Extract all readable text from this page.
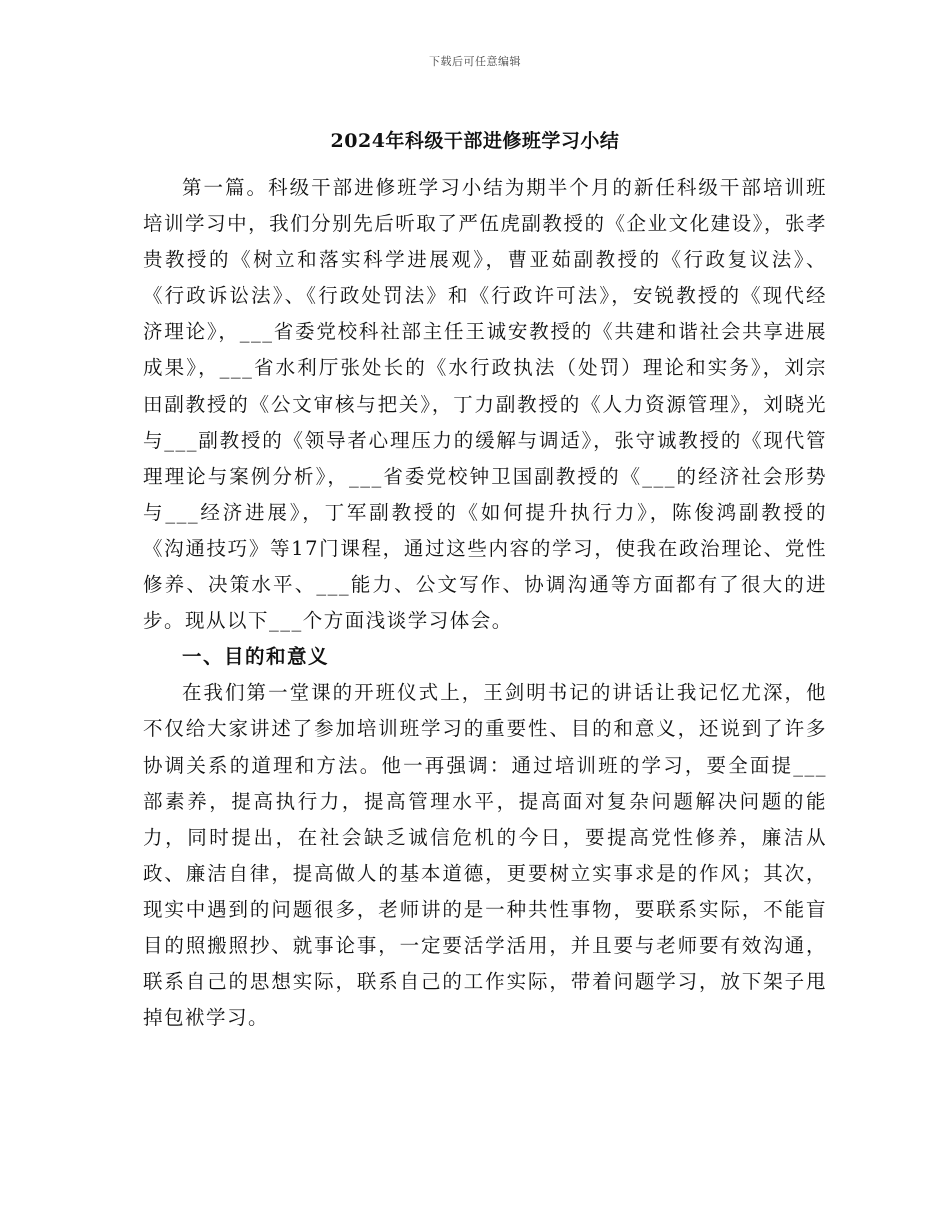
下载后可任意编辑
2024年科级干部进修班学习小结

第一篇。科级干部进修班学习小结为期半个月的新任科级干部培训班培训学习中，我们分别先后听取了严伍虎副教授的《企业文化建设》，张孝贵教授的《树立和落实科学进展观》，曹亚茹副教授的《行政复议法》、《行政诉讼法》、《行政处罚法》和《行政许可法》，安锐教授的《现代经济理论》，___省委党校科社部主任王诚安教授的《共建和谐社会共享进展成果》，___省水利厅张处长的《水行政执法（处罚）理论和实务》，刘宗田副教授的《公文审核与把关》，丁力副教授的《人力资源管理》，刘晓光与___副教授的《领导者心理压力的缓解与调适》，张守诚教授的《现代管理理论与案例分析》，___省委党校钟卫国副教授的《___的经济社会形势与___经济进展》，丁军副教授的《如何提升执行力》，陈俊鸿副教授的《沟通技巧》等17门课程，通过这些内容的学习，使我在政治理论、党性修养、决策水平、___能力、公文写作、协调沟通等方面都有了很大的进步。现从以下___个方面浅谈学习体会。

一、目的和意义

在我们第一堂课的开班仪式上，王剑明书记的讲话让我记忆尤深，他不仅给大家讲述了参加培训班学习的重要性、目的和意义，还说到了许多协调关系的道理和方法。他一再强调：通过培训班的学习，要全面提___部素养，提高执行力，提高管理水平，提高面对复杂问题解决问题的能力，同时提出，在社会缺乏诚信危机的今日，要提高党性修养，廉洁从政、廉洁自律，提高做人的基本道德，更要树立实事求是的作风；其次，现实中遇到的问题很多，老师讲的是一种共性事物，要联系实际，不能盲目的照搬照抄、就事论事，一定要活学活用，并且要与老师要有效沟通，联系自己的思想实际，联系自己的工作实际，带着问题学习，放下架子甩掉包袱学习。
